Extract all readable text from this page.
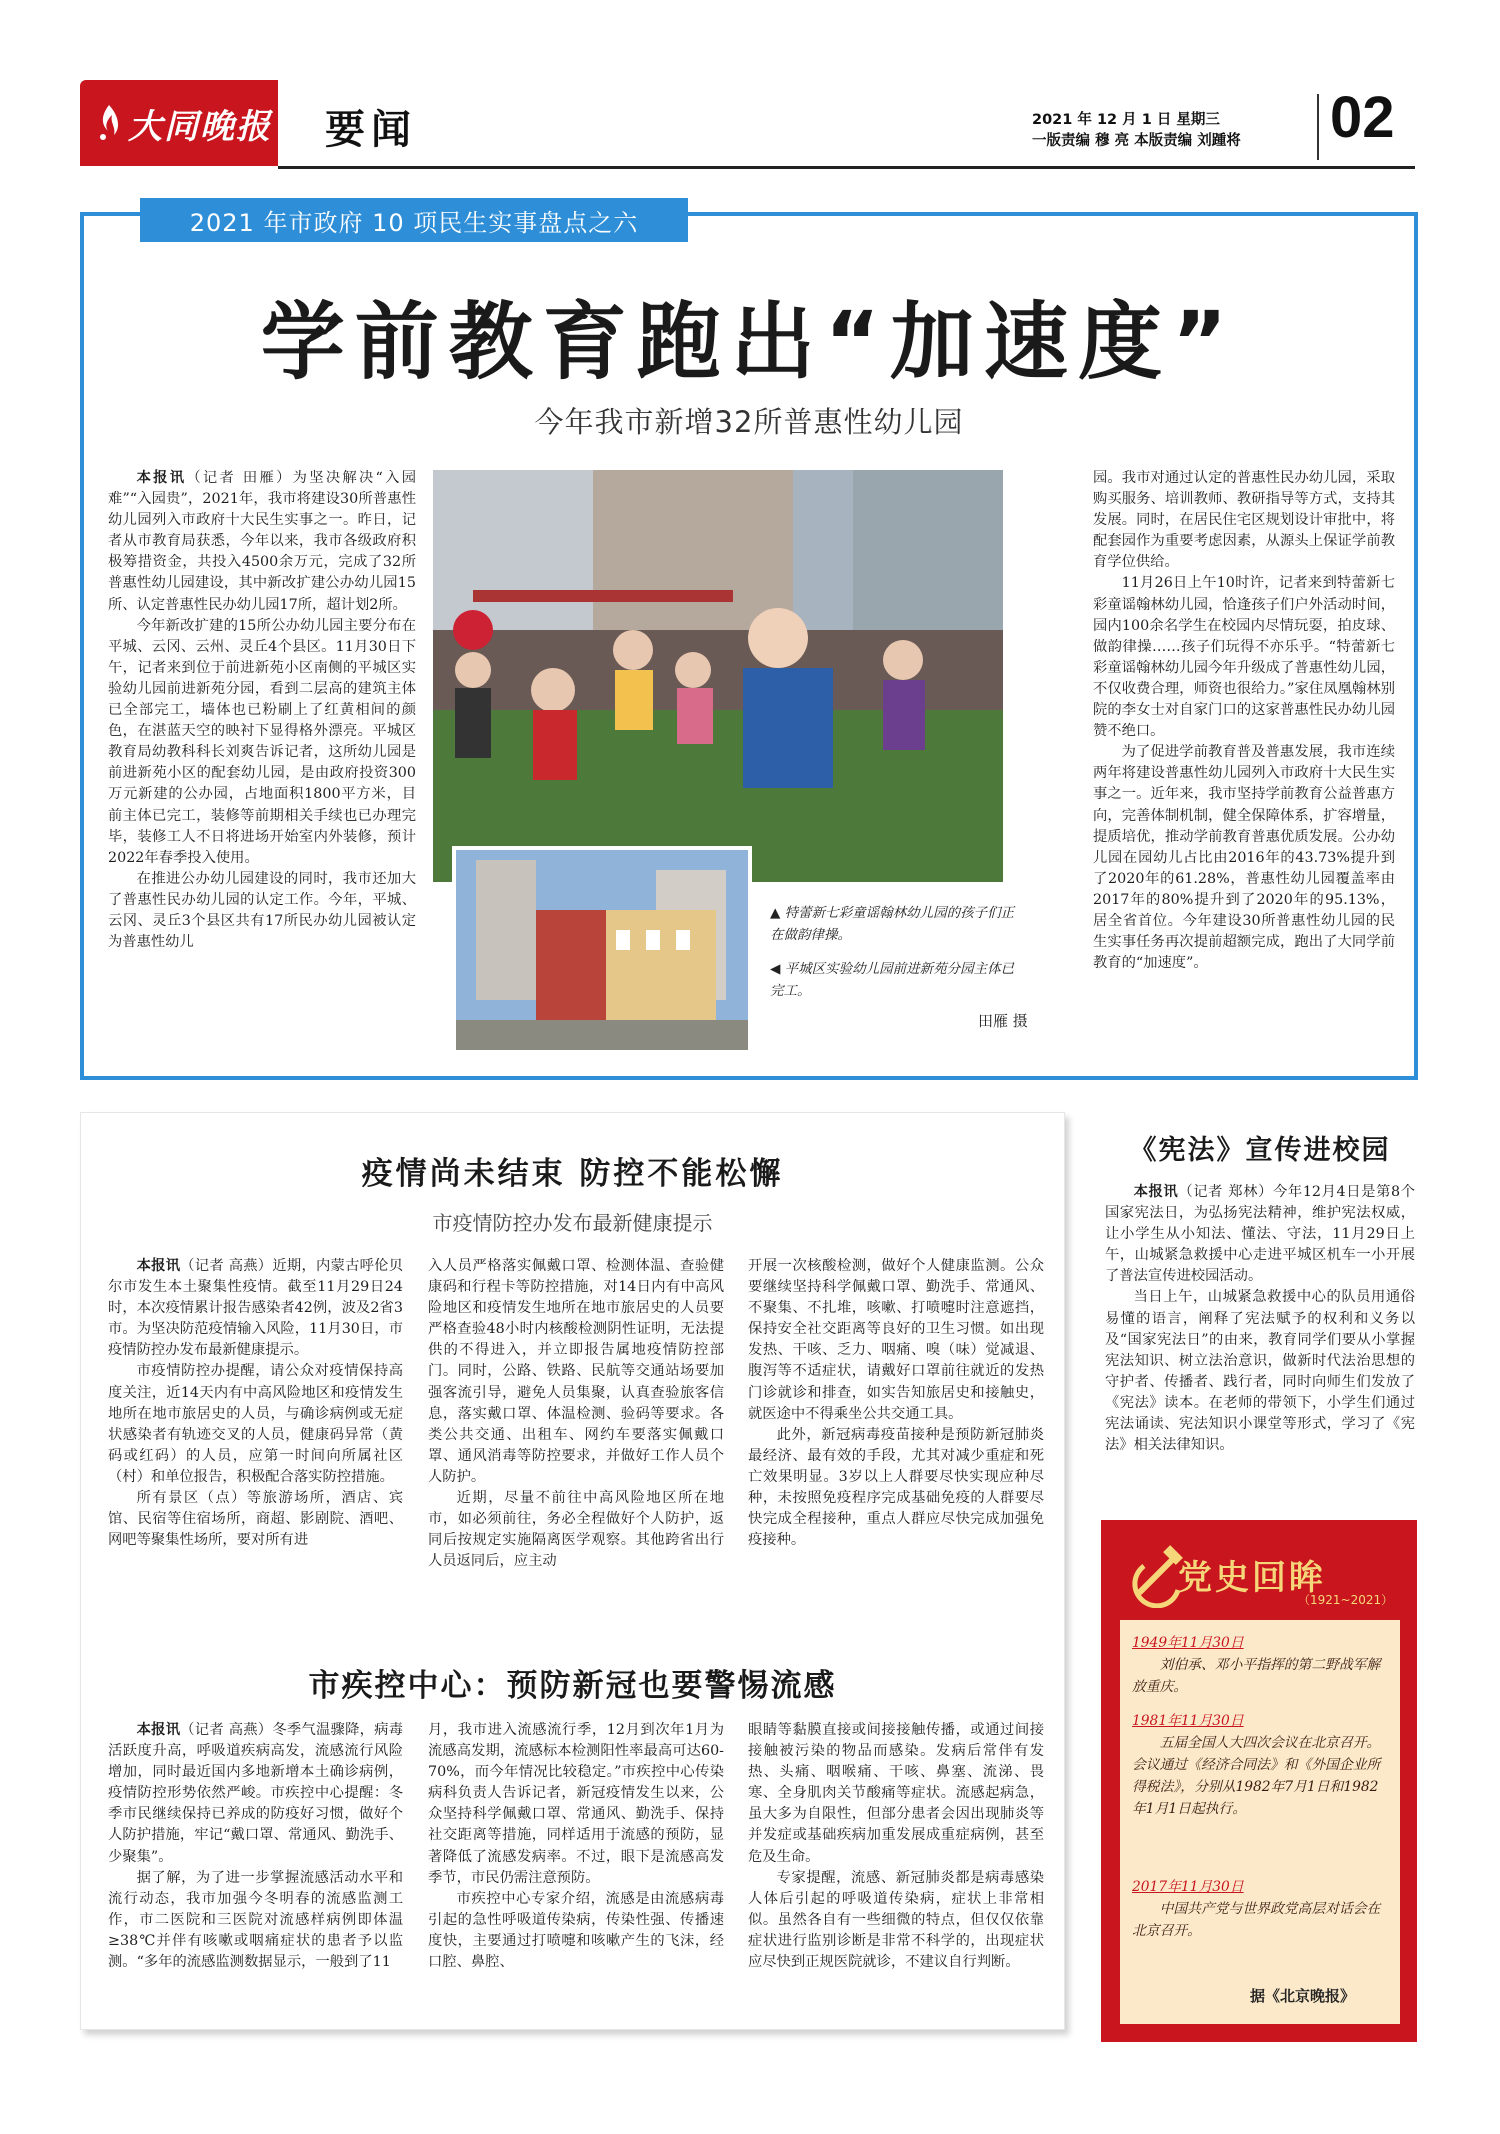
大同晚报 要闻	2021 年 12 月 1 日 星期三
一版责编 穆 亮 本版责编 刘踵将 02
2021 年市政府 10 项民生实事盘点之六
学前教育跑出“加速度”
今年我市新增32所普惠性幼儿园

本报讯（记者 田雁）为坚决解决“入园难”“入园贵”，2021年，我市将建设30所普惠性幼儿园列入市政府十大民生实事之一。昨日，记者从市教育局获悉，今年以来，我市各级政府积极筹措资金，共投入4500余万元，完成了32所普惠性幼儿园建设，其中新改扩建公办幼儿园15所、认定普惠性民办幼儿园17所，超计划2所。

今年新改扩建的15所公办幼儿园主要分布在平城、云冈、云州、灵丘4个县区。11月30日下午，记者来到位于前进新苑小区南侧的平城区实验幼儿园前进新苑分园，看到二层高的建筑主体已全部完工，墙体也已粉刷上了红黄相间的颜色，在湛蓝天空的映衬下显得格外漂亮。平城区教育局幼教科科长刘爽告诉记者，这所幼儿园是前进新苑小区的配套幼儿园，是由政府投资300万元新建的公办园，占地面积1800平方米，目前主体已完工，装修等前期相关手续也已办理完毕，装修工人不日将进场开始室内外装修，预计2022年春季投入使用。

在推进公办幼儿园建设的同时，我市还加大了普惠性民办幼儿园的认定工作。今年，平城、云冈、灵丘3个县区共有17所民办幼儿园被认定为普惠性幼儿

▲ 特蕾新七彩童谣翰林幼儿园的孩子们正在做韵律操。
◀ 平城区实验幼儿园前进新苑分园主体已完工。
田雁 摄

园。我市对通过认定的普惠性民办幼儿园，采取购买服务、培训教师、教研指导等方式，支持其发展。同时，在居民住宅区规划设计审批中，将配套园作为重要考虑因素，从源头上保证学前教育学位供给。

11月26日上午10时许，记者来到特蕾新七彩童谣翰林幼儿园，恰逢孩子们户外活动时间，园内100余名学生在校园内尽情玩耍，拍皮球、做韵律操……孩子们玩得不亦乐乎。“特蕾新七彩童谣翰林幼儿园今年升级成了普惠性幼儿园，不仅收费合理，师资也很给力。”家住凤凰翰林别院的李女士对自家门口的这家普惠性民办幼儿园赞不绝口。

为了促进学前教育普及普惠发展，我市连续两年将建设普惠性幼儿园列入市政府十大民生实事之一。近年来，我市坚持学前教育公益普惠方向，完善体制机制，健全保障体系，扩容增量，提质培优，推动学前教育普惠优质发展。公办幼儿园在园幼儿占比由2016年的43.73%提升到了2020年的61.28%，普惠性幼儿园覆盖率由2017年的80%提升到了2020年的95.13%，居全省首位。今年建设30所普惠性幼儿园的民生实事任务再次提前超额完成，跑出了大同学前教育的“加速度”。

疫情尚未结束 防控不能松懈
市疫情防控办发布最新健康提示

本报讯（记者 高燕）近期，内蒙古呼伦贝尔市发生本土聚集性疫情。截至11月29日24时，本次疫情累计报告感染者42例，波及2省3市。为坚决防范疫情输入风险，11月30日，市疫情防控办发布最新健康提示。

市疫情防控办提醒，请公众对疫情保持高度关注，近14天内有中高风险地区和疫情发生地所在地市旅居史的人员，与确诊病例或无症状感染者有轨迹交叉的人员，健康码异常（黄码或红码）的人员，应第一时间向所属社区（村）和单位报告，积极配合落实防控措施。

所有景区（点）等旅游场所，酒店、宾馆、民宿等住宿场所，商超、影剧院、酒吧、网吧等聚集性场所，要对所有进

入人员严格落实佩戴口罩、检测体温、查验健康码和行程卡等防控措施，对14日内有中高风险地区和疫情发生地所在地市旅居史的人员要严格查验48小时内核酸检测阴性证明，无法提供的不得进入，并立即报告属地疫情防控部门。同时，公路、铁路、民航等交通站场要加强客流引导，避免人员集聚，认真查验旅客信息，落实戴口罩、体温检测、验码等要求。各类公共交通、出租车、网约车要落实佩戴口罩、通风消毒等防控要求，并做好工作人员个人防护。

近期，尽量不前往中高风险地区所在地市，如必须前往，务必全程做好个人防护，返同后按规定实施隔离医学观察。其他跨省出行人员返同后，应主动

开展一次核酸检测，做好个人健康监测。公众要继续坚持科学佩戴口罩、勤洗手、常通风、不聚集、不扎堆，咳嗽、打喷嚏时注意遮挡，保持安全社交距离等良好的卫生习惯。如出现发热、干咳、乏力、咽痛、嗅（味）觉减退、腹泻等不适症状，请戴好口罩前往就近的发热门诊就诊和排查，如实告知旅居史和接触史，就医途中不得乘坐公共交通工具。

此外，新冠病毒疫苗接种是预防新冠肺炎最经济、最有效的手段，尤其对减少重症和死亡效果明显。3岁以上人群要尽快实现应种尽种，未按照免疫程序完成基础免疫的人群要尽快完成全程接种，重点人群应尽快完成加强免疫接种。

市疾控中心：预防新冠也要警惕流感

本报讯（记者 高燕）冬季气温骤降，病毒活跃度升高，呼吸道疾病高发，流感流行风险增加，同时最近国内多地新增本土确诊病例，疫情防控形势依然严峻。市疾控中心提醒：冬季市民继续保持已养成的防疫好习惯，做好个人防护措施，牢记“戴口罩、常通风、勤洗手、少聚集”。

据了解，为了进一步掌握流感活动水平和流行动态，我市加强今冬明春的流感监测工作，市二医院和三医院对流感样病例即体温≥38℃并伴有咳嗽或咽痛症状的患者予以监测。“多年的流感监测数据显示，一般到了11

月，我市进入流感流行季，12月到次年1月为流感高发期，流感标本检测阳性率最高可达60-70%，而今年情况比较稳定。”市疾控中心传染病科负责人告诉记者，新冠疫情发生以来，公众坚持科学佩戴口罩、常通风、勤洗手、保持社交距离等措施，同样适用于流感的预防，显著降低了流感发病率。不过，眼下是流感高发季节，市民仍需注意预防。

市疾控中心专家介绍，流感是由流感病毒引起的急性呼吸道传染病，传染性强、传播速度快，主要通过打喷嚏和咳嗽产生的飞沫，经口腔、鼻腔、

眼睛等黏膜直接或间接接触传播，或通过间接接触被污染的物品而感染。发病后常伴有发热、头痛、咽喉痛、干咳、鼻塞、流涕、畏寒、全身肌肉关节酸痛等症状。流感起病急，虽大多为自限性，但部分患者会因出现肺炎等并发症或基础疾病加重发展成重症病例，甚至危及生命。

专家提醒，流感、新冠肺炎都是病毒感染人体后引起的呼吸道传染病，症状上非常相似。虽然各自有一些细微的特点，但仅仅依靠症状进行监别诊断是非常不科学的，出现症状应尽快到正规医院就诊，不建议自行判断。

《宪法》宣传进校园

本报讯（记者 郑林）今年12月4日是第8个国家宪法日，为弘扬宪法精神，维护宪法权威，让小学生从小知法、懂法、守法，11月29日上午，山城紧急救援中心走进平城区机车一小开展了普法宣传进校园活动。

当日上午，山城紧急救援中心的队员用通俗易懂的语言，阐释了宪法赋予的权利和义务以及“国家宪法日”的由来，教育同学们要从小掌握宪法知识、树立法治意识，做新时代法治思想的守护者、传播者、践行者，同时向师生们发放了《宪法》读本。在老师的带领下，小学生们通过宪法诵读、宪法知识小课堂等形式，学习了《宪法》相关法律知识。

党史回眸
（1921~2021）
1949年11月30日
刘伯承、邓小平指挥的第二野战军解放重庆。
1981年11月30日
五届全国人大四次会议在北京召开。会议通过《经济合同法》和《外国企业所得税法》，分别从1982年7月1日和1982年1月1日起执行。
2017年11月30日
中国共产党与世界政党高层对话会在北京召开。
据《北京晚报》
